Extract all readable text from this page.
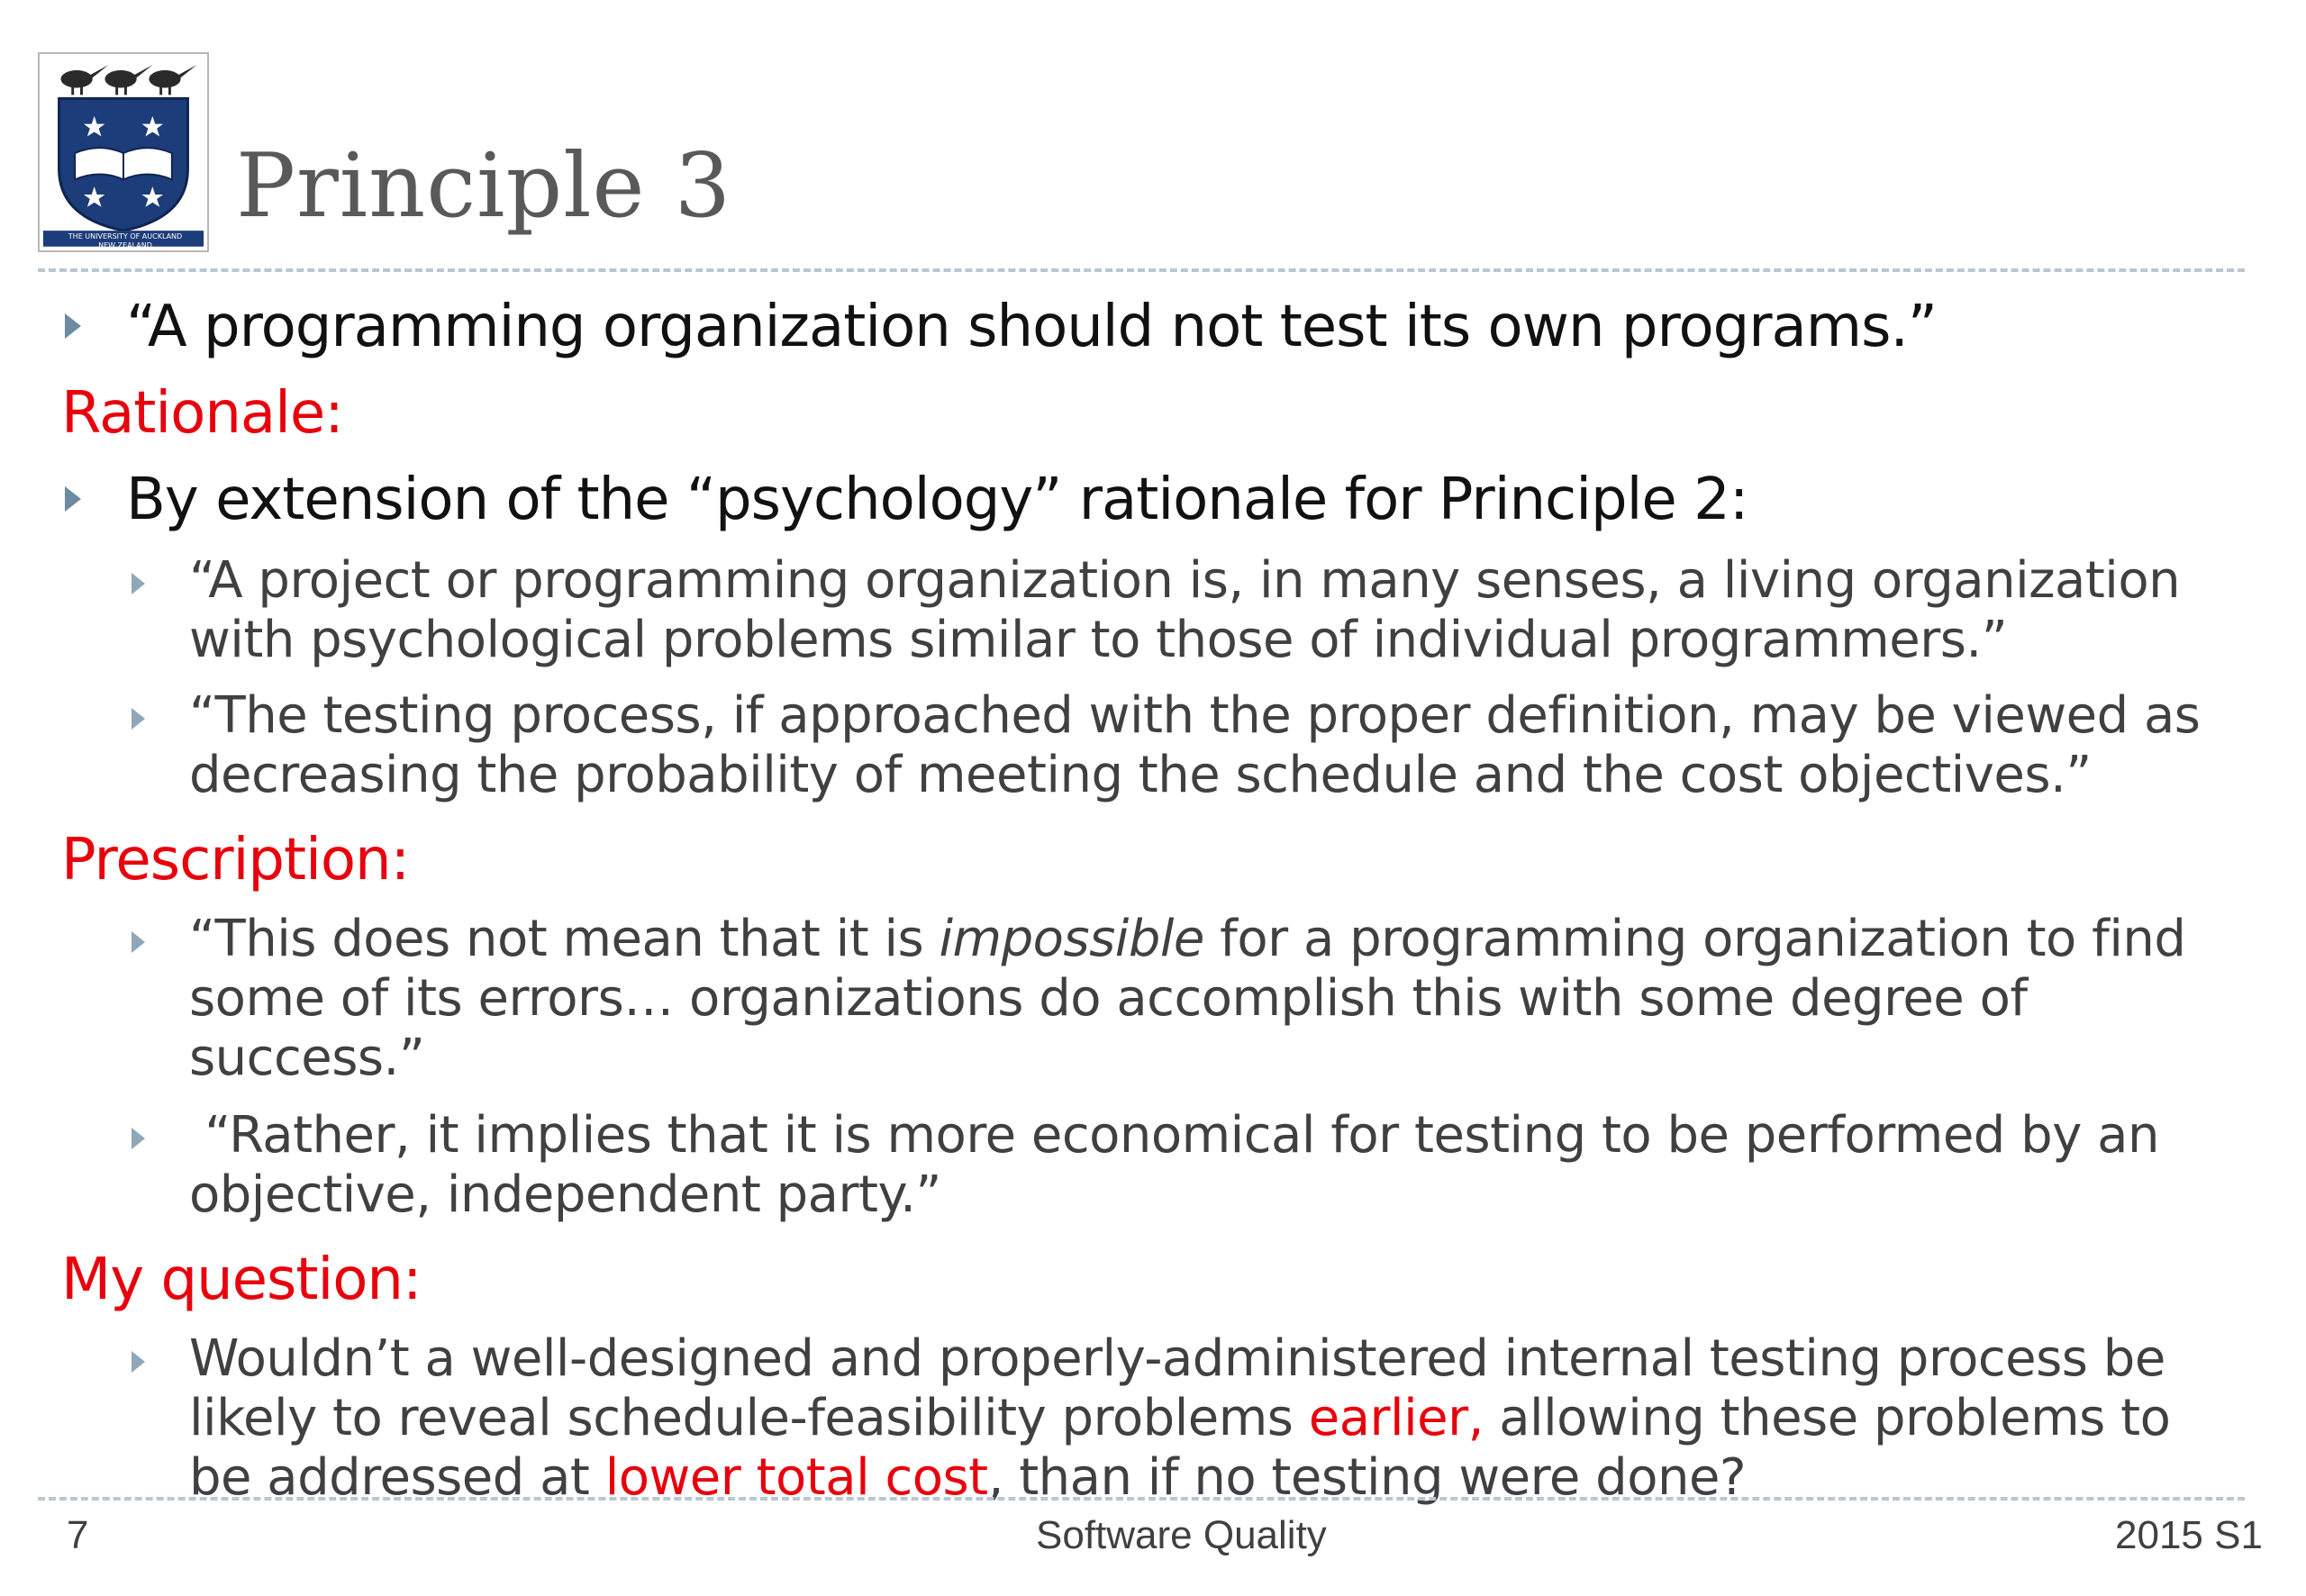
THE UNIVERSITY OF AUCKLAND
NEW ZEALAND
Principle 3

“A programming organization should not test its own programs.”

Rationale:

By extension of the “psychology” rationale for Principle 2:

“A project or programming organization is, in many senses, a living organization
with psychological problems similar to those of individual programmers.”

“The testing process, if approached with the proper definition, may be viewed as
decreasing the probability of meeting the schedule and the cost objectives.”

Prescription:

“This does not mean that it is impossible for a programming organization to find
some of its errors… organizations do accomplish this with some degree of
success.”

“Rather, it implies that it is more economical for testing to be performed by an
objective, independent party.”

My question:

Wouldn’t a well-designed and properly-administered internal testing process be
likely to reveal schedule-feasibility problems earlier, allowing these problems to
be addressed at lower total cost, than if no testing were done?

7	Software Quality	2015 S1
